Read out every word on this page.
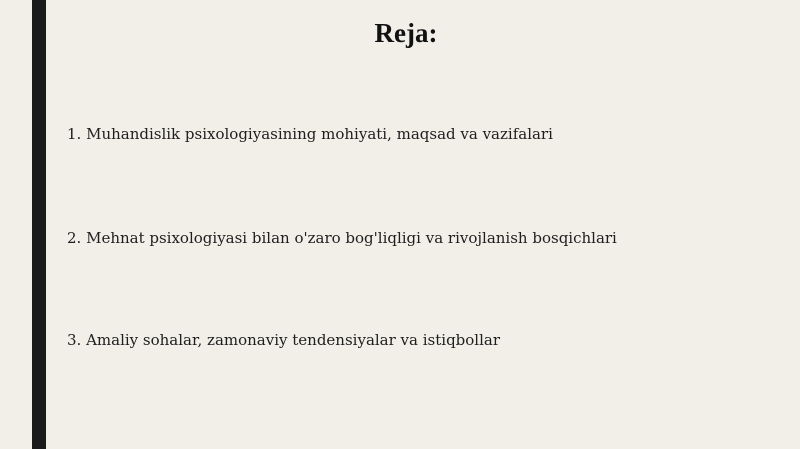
Reja:
1. Muhandislik psixologiyasining mohiyati, maqsad va vazifalari
2. Mehnat psixologiyasi bilan o'zaro bog'liqligi va rivojlanish bosqichlari
3. Amaliy sohalar, zamonaviy tendensiyalar va istiqbollar
